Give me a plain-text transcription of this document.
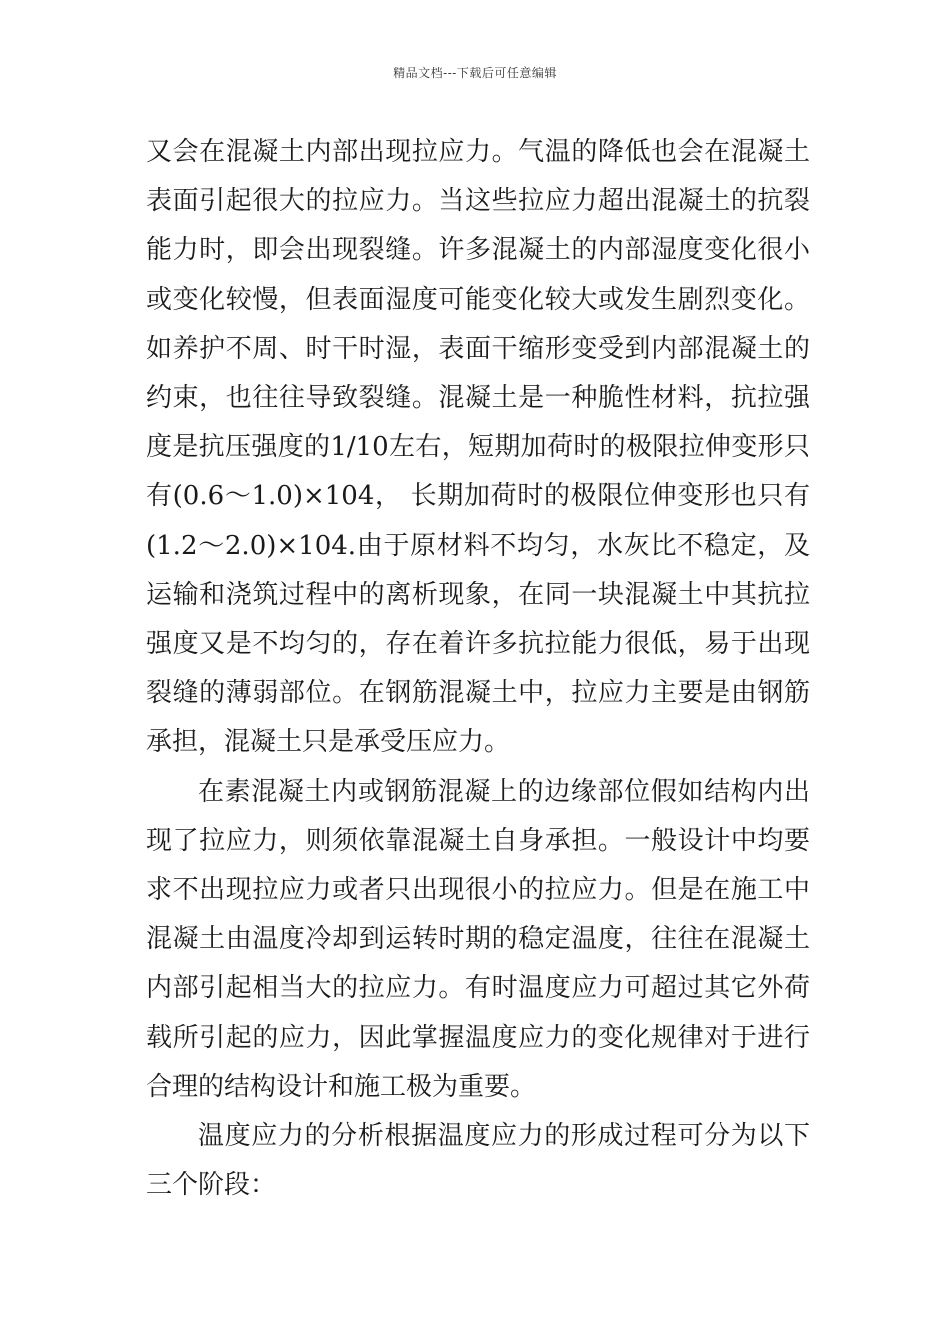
精品文档---下载后可任意编辑

又会在混凝土内部出现拉应力。气温的降低也会在混凝土表面引起很大的拉应力。当这些拉应力超出混凝土的抗裂能力时，即会出现裂缝。许多混凝土的内部湿度变化很小或变化较慢，但表面湿度可能变化较大或发生剧烈变化。如养护不周、时干时湿，表面干缩形变受到内部混凝土的约束，也往往导致裂缝。混凝土是一种脆性材料，抗拉强度是抗压强度的1/10左右，短期加荷时的极限拉伸变形只有(0.6～1.0)×104， 长期加荷时的极限位伸变形也只有(1.2～2.0)×104.由于原材料不均匀，水灰比不稳定，及运输和浇筑过程中的离析现象，在同一块混凝土中其抗拉强度又是不均匀的，存在着许多抗拉能力很低，易于出现裂缝的薄弱部位。在钢筋混凝土中，拉应力主要是由钢筋承担，混凝土只是承受压应力。

在素混凝土内或钢筋混凝上的边缘部位假如结构内出现了拉应力，则须依靠混凝土自身承担。一般设计中均要求不出现拉应力或者只出现很小的拉应力。但是在施工中混凝土由温度冷却到运转时期的稳定温度，往往在混凝土内部引起相当大的拉应力。有时温度应力可超过其它外荷载所引起的应力，因此掌握温度应力的变化规律对于进行合理的结构设计和施工极为重要。

温度应力的分析根据温度应力的形成过程可分为以下三个阶段：
